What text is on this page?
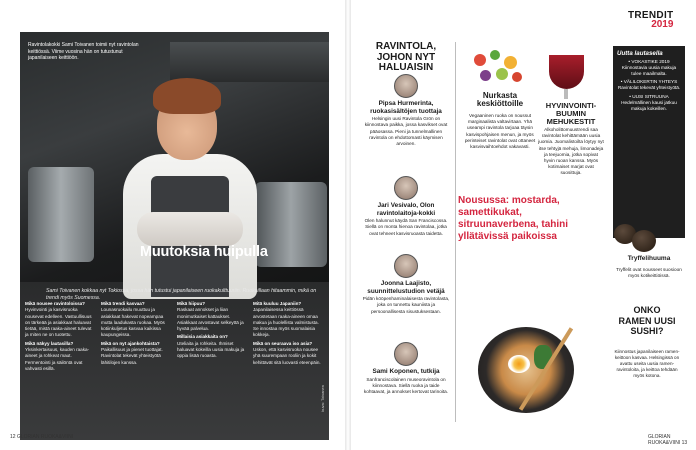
Ravintolakokki Sami Toivanen toimii nyt ravintolan keittiössä. Viime vuosina hän on tutustunut japanilaiseen keittiöön.
kuva: Toivanen
Muutoksia huipulla
Sami Toivanen kokkaa nyt Tokiossa, jossa hän tutustui japanilaiseen ruokakulttuuriin. Ruokaillaan hitaammin, mikä on trendi myös Suomessa.
Mikä nousee ravintoloissa?
Hyvinvointi ja kasvisruoka nousevat edelleen. Vastuullisuus on tärkeää ja asiakkaat haluavat tietää, mistä raaka-aineet tulevat ja miten ne on tuotettu.
Mikä näkyy lautasilla?
Yksinkertaisuus, kauden raaka-aineet ja rohkeat maut. Fermentointi ja säilöntä ovat vahvasti esillä.
Mikä trendi kasvaa?
Lounasruokailu muuttuu ja asiakkaat hakevat nopeampaa mutta laadukasta ruokaa. Myös kotiinkuljetus kasvaa kaikissa kaupungeissa.
Mikä on nyt ajankohtaista?
Paikallisuus ja pienet tuottajat. Ravintolat tekevät yhteistyötä lähitilojen kanssa.
Mikä hiipuu?
Raskaat annokset ja liian monimutkaiset kattaukset. Asiakkaat arvostavat selkeyttä ja hyvää palvelua.
Millaisia asiakkaita on?
Uteliaita ja rohkeita. Ihmiset haluavat kokeilla uusia makuja ja oppia lisää ruoasta.
Mitä kuuluu Japaniin?
Japanilaisessa keittiössä arvostetaan raaka-aineen omaa makua ja huolellista valmistusta. Se innostaa myös suomalaisia kokkeja.
Mikä on seuraava iso asia?
Uskon, että kasvisruoka nousee yhä suurempaan rooliin ja kokit kehittävät sitä luovasti eteenpäin.
12 GLORIAN RUOKA&VIINI
TRENDIT
2019
RAVINTOLA, JOHON NYT HALUAISIN
Pipsa Hurmerinta, ruokasisältöjen tuottaja
Helsingin uusi Ravintola Grön on kiinnostava paikka, jossa kasvikset ovat pääosassa. Pieni ja tunnelmallinen ravintola on ehdottomasti käymisen arvoinen.
Jari Vesivalo, Olon ravintolaitoja-kokki
Olen halunnut käydä San Franciscossa. Siellä on monta hienoa ravintolaa, jotka ovat tehneet kasvisruoasta taidetta.
Joonna Laajisto, suunnittelustudion vetäjä
Pidän kööpenhaminalaisesta ravintolasta, joka on tunnettu kauniista ja persoonallisesta sisustuksestaan.
Sami Koponen, tutkija
Sanfranciscolainen museoravintola on kiinnostava. Siellä ruoka ja taide kohtaavat, ja annokset kertovat tarinoita.
Nurkasta keskiöttoille
Vegaaninen ruoka on noussut marginaalista valtavirtaan. Yhä useampi ravintola tarjoaa täysin kasvispohjaisen menun, ja myös perinteiset ravintolat ovat ottaneet kasvisvaihtoehdot vakavasti.
Nousussa: mostarda, samettikukat, sitruunaverbena, tahini yllätävissä paikoissa
HYVINVOINTI-BUUMIN MEHUKESTIT
Alkoholittomuustrendi saa ravintolat kehittämään uusia juomia. Juomalistoilta löytyy nyt itse tehtyjä mehuja, limonadeja ja teejuomia, jotka sopivat hyvin ruoan kanssa. Myös kotimaiset marjat ovat suosittuja.
Uutta lautasella
• VOKASTIKE 2019 Kiinnostavia uusia makuja tulee maailmalta.
• VÄLILOKERTIN YHTEYS Ravintolat tekevät yhteistyötä.
• UUSI SITRUUNA Hedelmällinen kausi jatkuu makuja kokeillen.
Tryffelihuuma
Tryffelit ovat nousseet suosioon myös kotikeittiöissä.
ONKO RAMEN UUSI SUSHI?
Kiinnostus japanilaiseen ramen-keittoon kasvaa. Helsingissä on avattu useita uusia ramen-ravintoloita, ja keittoa tehdään myös kotona.
GLORIAN RUOKA&VIINI 13
